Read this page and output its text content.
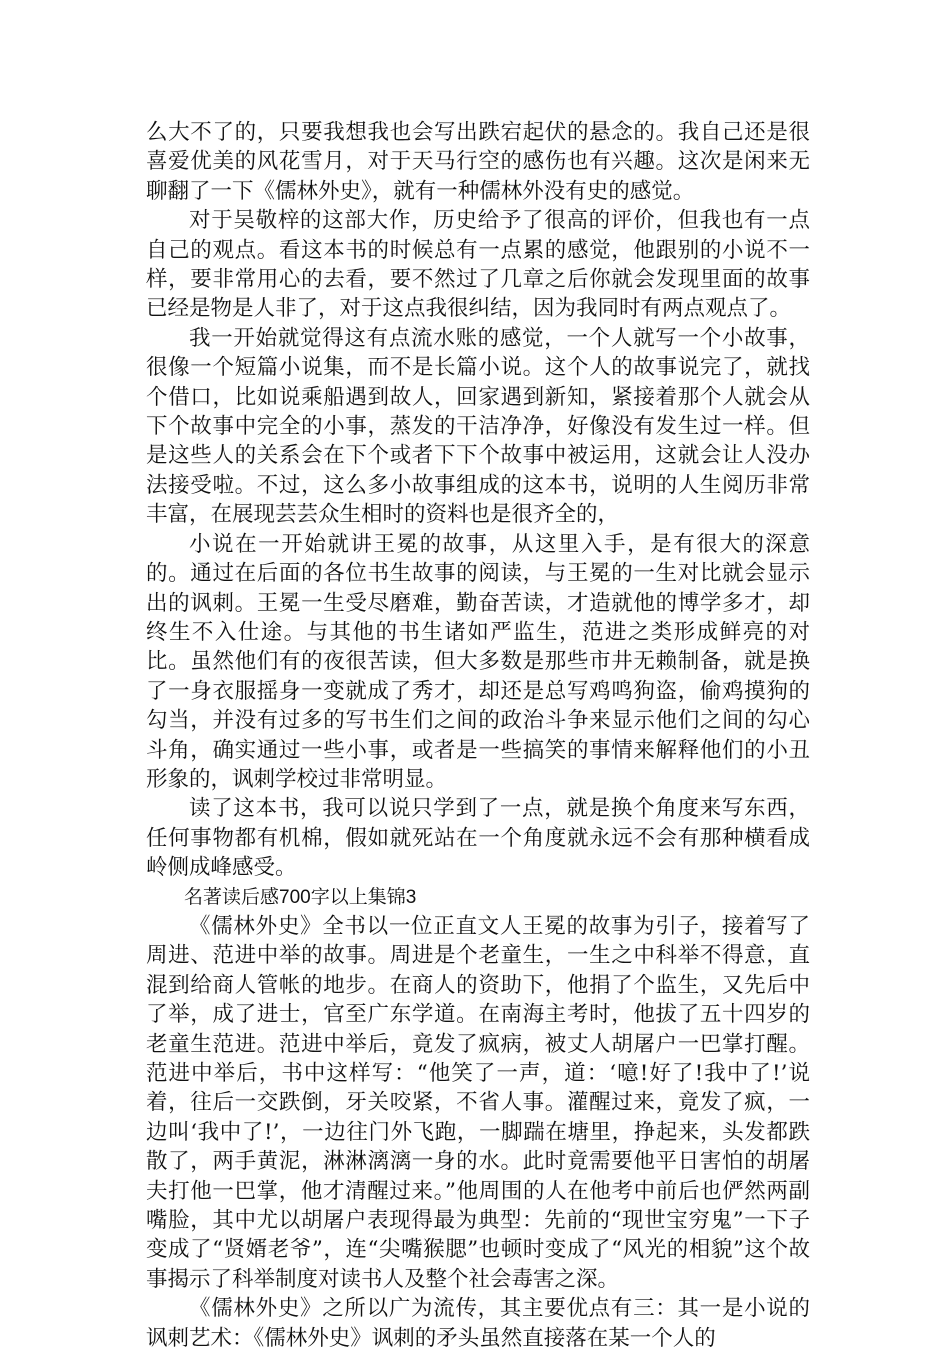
么大不了的，只要我想我也会写出跌宕起伏的悬念的。我自己还是很喜爱优美的风花雪月，对于天马行空的感伤也有兴趣。这次是闲来无聊翻了一下《儒林外史》，就有一种儒林外没有史的感觉。

对于吴敬梓的这部大作，历史给予了很高的评价，但我也有一点自己的观点。看这本书的时候总有一点累的感觉，他跟别的小说不一样，要非常用心的去看，要不然过了几章之后你就会发现里面的故事已经是物是人非了，对于这点我很纠结，因为我同时有两点观点了。

我一开始就觉得这有点流水账的感觉，一个人就写一个小故事，很像一个短篇小说集，而不是长篇小说。这个人的故事说完了，就找个借口，比如说乘船遇到故人，回家遇到新知，紧接着那个人就会从下个故事中完全的小事，蒸发的干洁净净，好像没有发生过一样。但是这些人的关系会在下个或者下下个故事中被运用，这就会让人没办法接受啦。不过，这么多小故事组成的这本书，说明的人生阅历非常丰富，在展现芸芸众生相时的资料也是很齐全的，

小说在一开始就讲王冕的故事，从这里入手，是有很大的深意的。通过在后面的各位书生故事的阅读，与王冕的一生对比就会显示出的讽刺。王冕一生受尽磨难，勤奋苦读，才造就他的博学多才，却终生不入仕途。与其他的书生诸如严监生，范进之类形成鲜亮的对比。虽然他们有的夜很苦读，但大多数是那些市井无赖制备，就是换了一身衣服摇身一变就成了秀才，却还是总写鸡鸣狗盗，偷鸡摸狗的勾当，并没有过多的写书生们之间的政治斗争来显示他们之间的勾心斗角，确实通过一些小事，或者是一些搞笑的事情来解释他们的小丑形象的，讽刺学校过非常明显。

读了这本书，我可以说只学到了一点，就是换个角度来写东西，任何事物都有机棉，假如就死站在一个角度就永远不会有那种横看成岭侧成峰感受。

名著读后感700字以上集锦3

《儒林外史》全书以一位正直文人王冕的故事为引子，接着写了周进、范进中举的故事。周进是个老童生，一生之中科举不得意，直混到给商人管帐的地步。在商人的资助下，他捐了个监生，又先后中了举，成了进士，官至广东学道。在南海主考时，他拔了五十四岁的老童生范进。范进中举后，竟发了疯病，被丈人胡屠户一巴掌打醒。范进中举后，书中这样写：“他笑了一声，道：‘噫!好了!我中了!’说着，往后一交跌倒，牙关咬紧，不省人事。灌醒过来，竟发了疯，一边叫‘我中了!’，一边往门外飞跑，一脚踹在塘里，挣起来，头发都跌散了，两手黄泥，淋淋漓漓一身的水。此时竟需要他平日害怕的胡屠夫打他一巴掌，他才清醒过来。”他周围的人在他考中前后也俨然两副嘴脸，其中尤以胡屠户表现得最为典型：先前的“现世宝穷鬼”一下子变成了“贤婿老爷”，连“尖嘴猴腮”也顿时变成了“风光的相貌”这个故事揭示了科举制度对读书人及整个社会毒害之深。

《儒林外史》之所以广为流传，其主要优点有三：其一是小说的讽刺艺术：《儒林外史》讽刺的矛头虽然直接落在某一个人的
